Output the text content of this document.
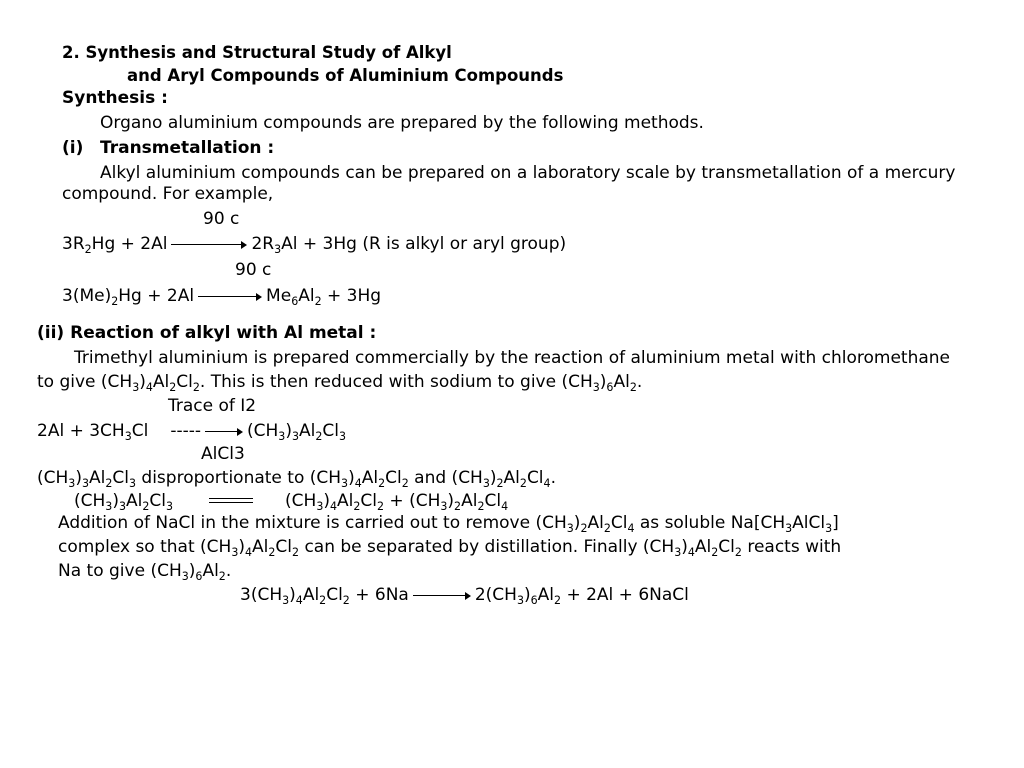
2. Synthesis and Structural Study of Alkyl
and Aryl Compounds of Aluminium Compounds
Synthesis :
Organo aluminium compounds are prepared by the following methods.
(i) Transmetallation :
Alkyl aluminium compounds can be prepared on a laboratory scale by transmetallation of a mercury
compound. For example,
90 c
$3R_2Hg + 2Al$	$2R_3Al + 3Hg$ (R is alkyl or aryl group)
90 c
$3(Me)_2Hg + 2Al$	$Me_6Al_2 + 3Hg$
(ii) Reaction of alkyl with Al metal :
Trimethyl aluminium is prepared commercially by the reaction of aluminium metal with chloromethane
to give $(CH_3)_4Al_2Cl_2$. This is then reduced with sodium to give $(CH_3)_6Al_2$.
Trace of I2
$2Al + 3CH_3Cl$ -----	$(CH_3)_3Al_2Cl_3$
AlCl3
$(CH_3)_3Al_2Cl_3$ disproportionate to $(CH_3)_4Al_2Cl_2$ and $(CH_3)_2Al_2Cl_4$.
$(CH_3)_3Al_2Cl_3$	$(CH_3)_4Al_2Cl_2 + (CH_3)_2Al_2Cl_4$
Addition of NaCl in the mixture is carried out to remove $(CH_3)_2Al_2Cl_4$ as soluble $Na[CH_3AlCl_3]$
complex so that $(CH_3)_4Al_2Cl_2$ can be separated by distillation. Finally $(CH_3)_4Al_2Cl_2$ reacts with
Na to give $(CH_3)_6Al_2$.
$3(CH_3)_4Al_2Cl_2 + 6Na$	$2(CH_3)_6Al_2 + 2Al$ + 6NaCl
